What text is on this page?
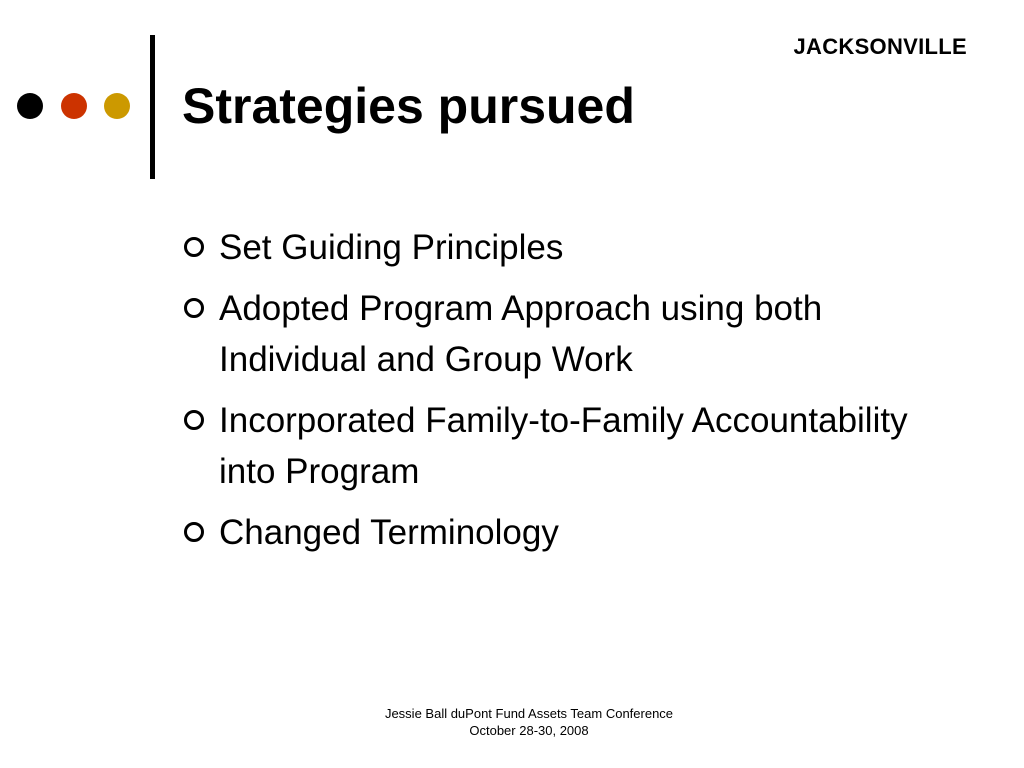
JACKSONVILLE
Strategies pursued
Set Guiding Principles
Adopted Program Approach using both Individual and Group Work
Incorporated Family-to-Family Accountability into Program
Changed Terminology
Jessie Ball duPont Fund Assets Team Conference
October 28-30, 2008
